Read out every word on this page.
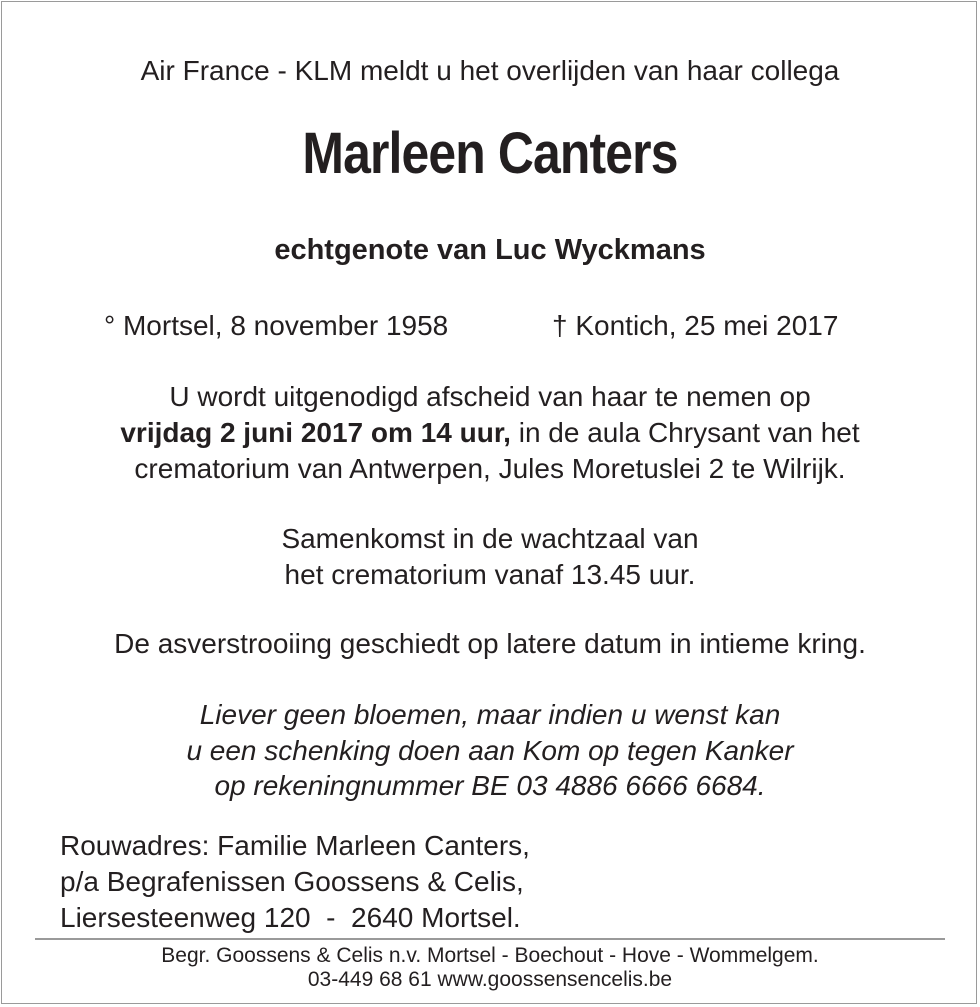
Air France - KLM meldt u het overlijden van haar collega
Marleen Canters
echtgenote van Luc Wyckmans
° Mortsel, 8 november 1958	† Kontich, 25 mei 2017
U wordt uitgenodigd afscheid van haar te nemen op
vrijdag 2 juni 2017 om 14 uur, in de aula Chrysant van het
crematorium van Antwerpen, Jules Moretuslei 2 te Wilrijk.
Samenkomst in de wachtzaal van
het crematorium vanaf 13.45 uur.
De asverstrooiing geschiedt op latere datum in intieme kring.
Liever geen bloemen, maar indien u wenst kan
u een schenking doen aan Kom op tegen Kanker
op rekeningnummer BE 03 4886 6666 6684.
Rouwadres: Familie Marleen Canters,
p/a Begrafenissen Goossens & Celis,
Liersesteenweg 120  -  2640 Mortsel.
Begr. Goossens & Celis n.v. Mortsel - Boechout - Hove - Wommelgem.
03-449 68 61 www.goossensencelis.be
